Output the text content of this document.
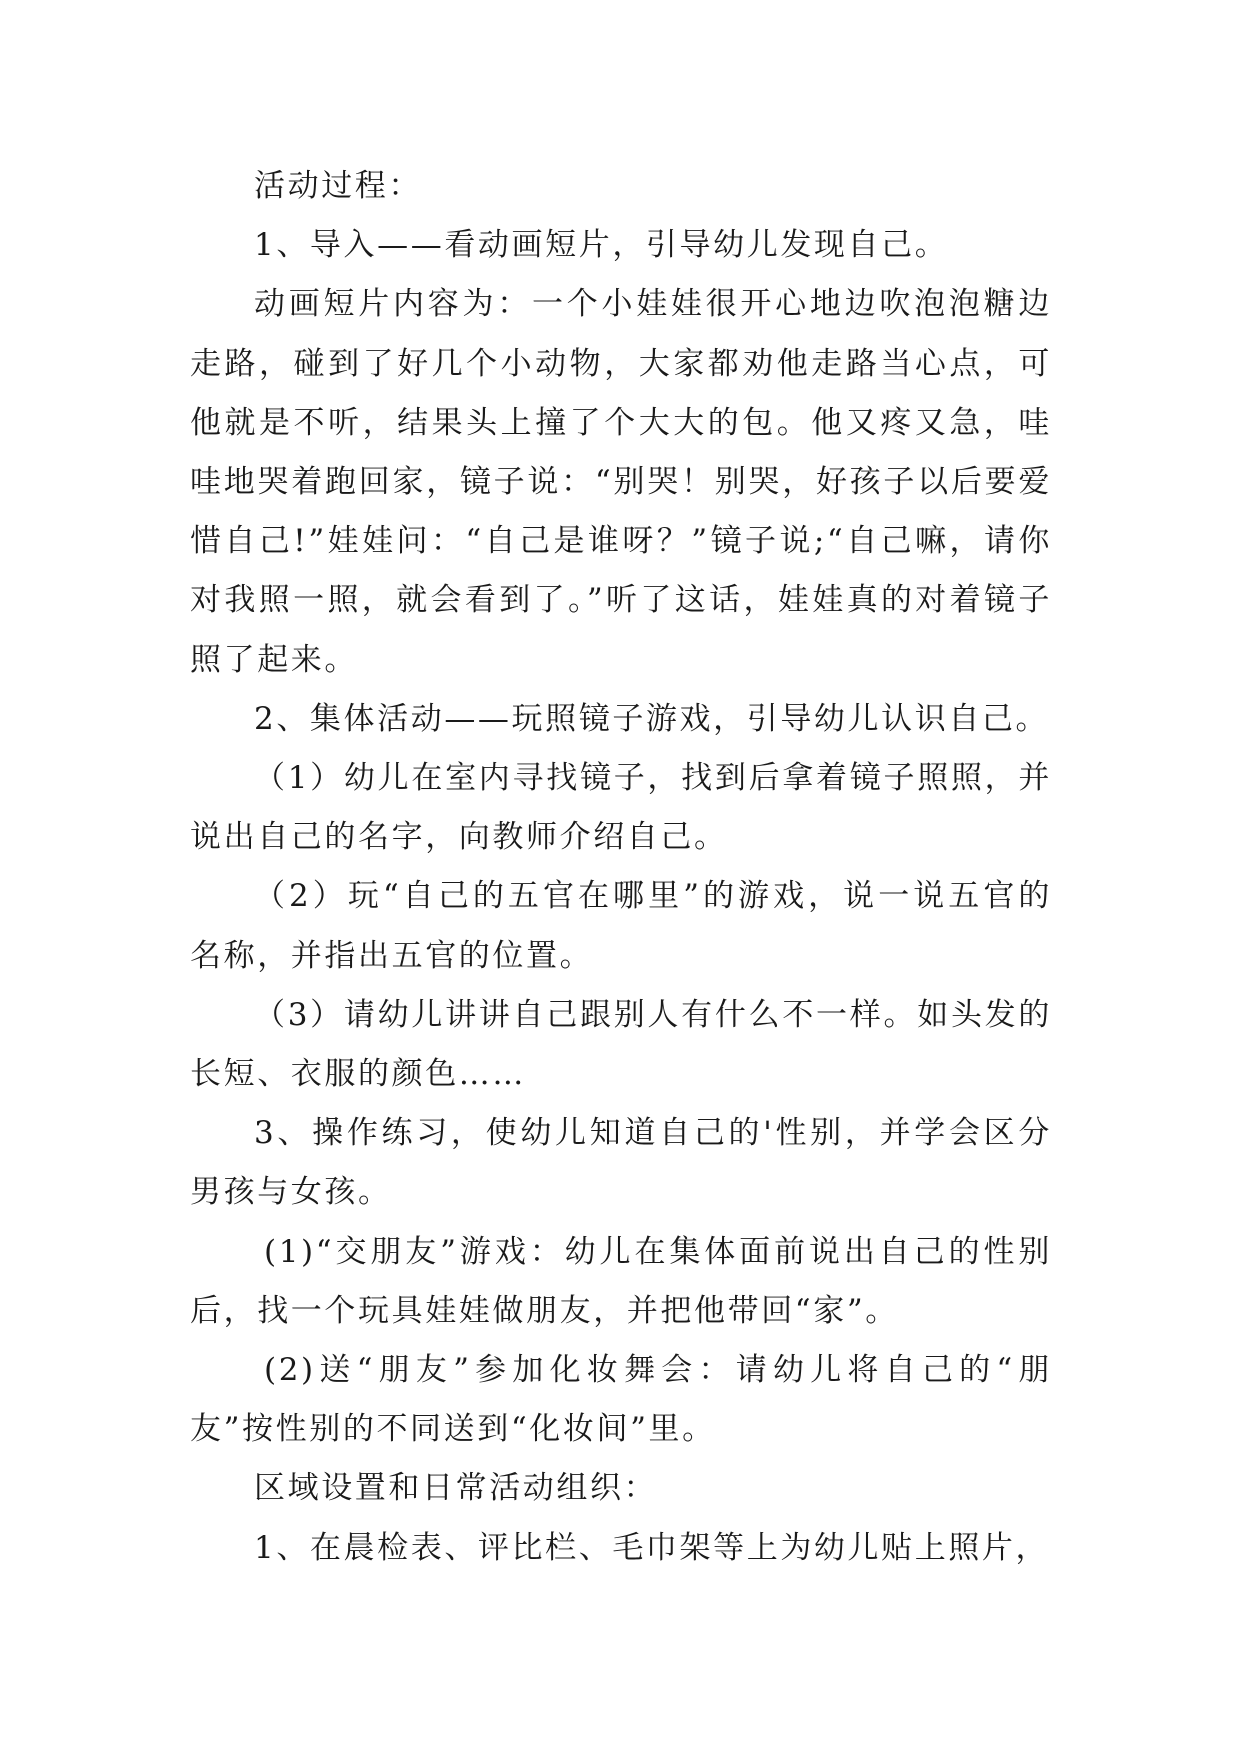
活动过程：

1、导入——看动画短片，引导幼儿发现自己。

动画短片内容为：一个小娃娃很开心地边吹泡泡糖边走路，碰到了好几个小动物，大家都劝他走路当心点，可他就是不听，结果头上撞了个大大的包。他又疼又急，哇哇地哭着跑回家，镜子说：“别哭！别哭，好孩子以后要爱惜自己!”娃娃问：“自己是谁呀？”镜子说;“自己嘛，请你对我照一照，就会看到了。”听了这话，娃娃真的对着镜子照了起来。

2、集体活动——玩照镜子游戏，引导幼儿认识自己。

（1）幼儿在室内寻找镜子，找到后拿着镜子照照，并说出自己的名字，向教师介绍自己。

（2）玩“自己的五官在哪里”的游戏，说一说五官的名称，并指出五官的位置。

（3）请幼儿讲讲自己跟别人有什么不一样。如头发的长短、衣服的颜色……

3、操作练习，使幼儿知道自己的'性别，并学会区分男孩与女孩。

(1)“交朋友”游戏：幼儿在集体面前说出自己的性别后，找一个玩具娃娃做朋友，并把他带回“家”。

(2)送“朋友”参加化妆舞会：请幼儿将自己的“朋友”按性别的不同送到“化妆间”里。

区域设置和日常活动组织：

1、在晨检表、评比栏、毛巾架等上为幼儿贴上照片，
